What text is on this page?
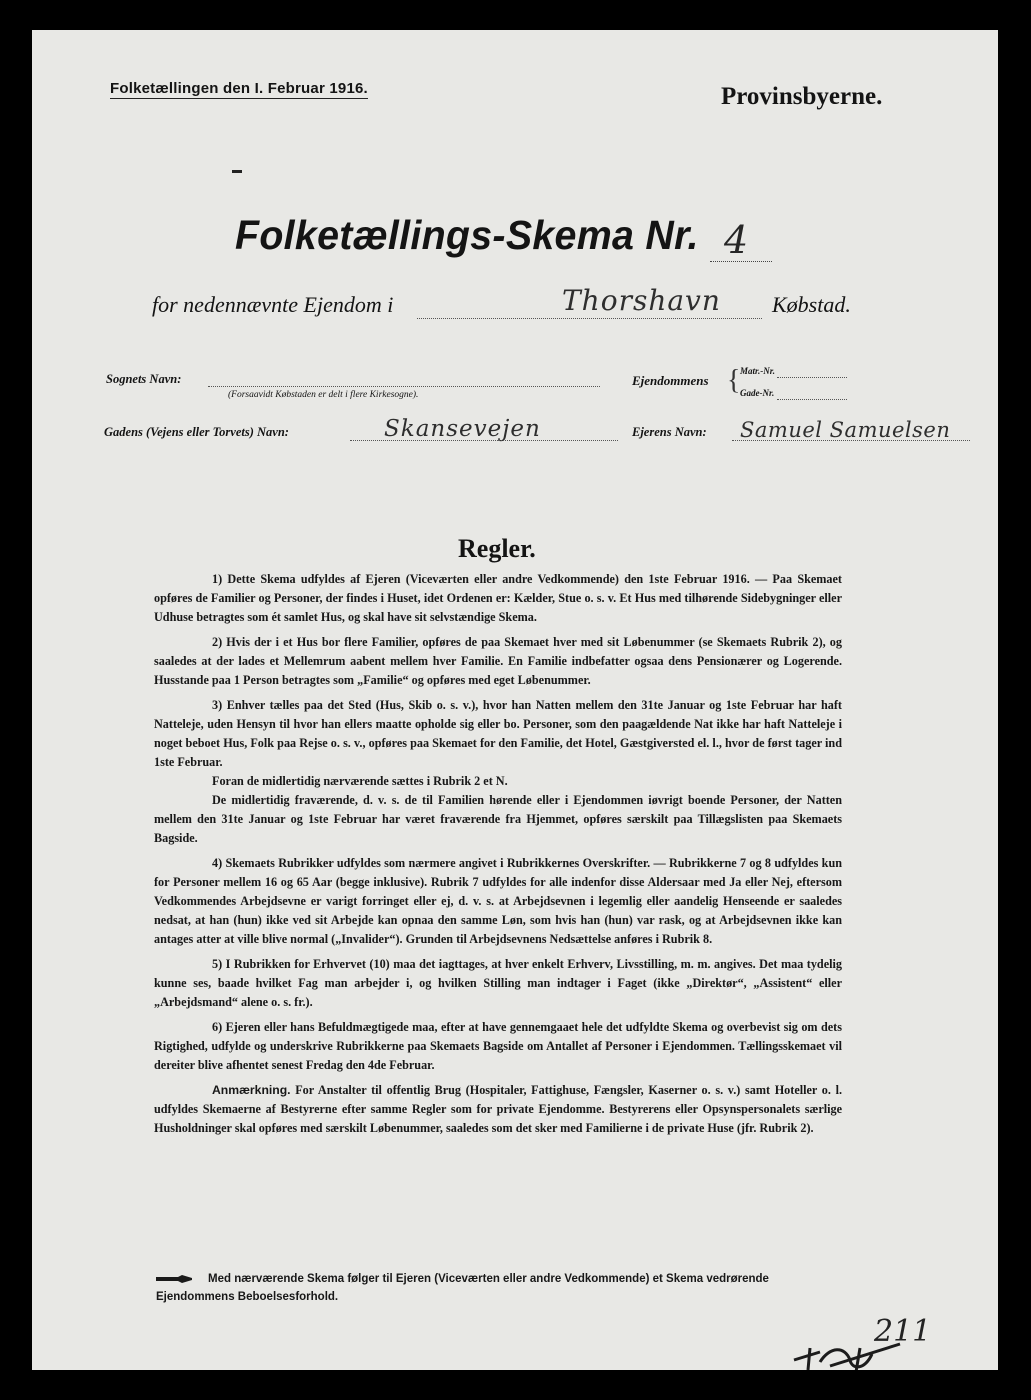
Folketællingen den I. Februar 1916.	Provinsbyerne.
Folketællings-Skema Nr. 4
for nedennævnte Ejendom i	Thorshavn Købstad.
Sognets Navn:
(Forsaavidt Købstaden er delt i flere Kirkesogne).
Ejendommens { Matr.-Nr.
Gade-Nr.
Gadens (Vejens eller Torvets) Navn:	Skansevejen	Ejerens Navn: Samuel Samuelsen
Regler.

1) Dette Skema udfyldes af Ejeren (Viceværten eller andre Vedkommende) den 1ste Februar 1916. — Paa Skemaet opføres de Familier og Personer, der findes i Huset, idet Ordenen er: Kælder, Stue o. s. v. Et Hus med tilhørende Sidebygninger eller Udhuse betragtes som ét samlet Hus, og skal have sit selvstændige Skema.

2) Hvis der i et Hus bor flere Familier, opføres de paa Skemaet hver med sit Løbenummer (se Skemaets Rubrik 2), og saaledes at der lades et Mellemrum aabent mellem hver Familie. En Familie indbefatter ogsaa dens Pensionærer og Logerende. Husstande paa 1 Person betragtes som „Familie“ og opføres med eget Løbenummer.

3) Enhver tælles paa det Sted (Hus, Skib o. s. v.), hvor han Natten mellem den 31te Januar og 1ste Februar har haft Natteleje, uden Hensyn til hvor han ellers maatte opholde sig eller bo. Personer, som den paagældende Nat ikke har haft Natteleje i noget beboet Hus, Folk paa Rejse o. s. v., opføres paa Skemaet for den Familie, det Hotel, Gæstgiversted el. l., hvor de først tager ind 1ste Februar.

Foran de midlertidig nærværende sættes i Rubrik 2 et N.

De midlertidig fraværende, d. v. s. de til Familien hørende eller i Ejendommen iøvrigt boende Personer, der Natten mellem den 31te Januar og 1ste Februar har været fraværende fra Hjemmet, opføres særskilt paa Tillægslisten paa Skemaets Bagside.

4) Skemaets Rubrikker udfyldes som nærmere angivet i Rubrikkernes Overskrifter. — Rubrikkerne 7 og 8 udfyldes kun for Personer mellem 16 og 65 Aar (begge inklusive). Rubrik 7 udfyldes for alle indenfor disse Aldersaar med Ja eller Nej, eftersom Vedkommendes Arbejdsevne er varigt forringet eller ej, d. v. s. at Arbejdsevnen i legemlig eller aandelig Henseende er saaledes nedsat, at han (hun) ikke ved sit Arbejde kan opnaa den samme Løn, som hvis han (hun) var rask, og at Arbejdsevnen ikke kan antages atter at ville blive normal („Invalider“). Grunden til Arbejdsevnens Nedsættelse anføres i Rubrik 8.

5) I Rubrikken for Erhvervet (10) maa det iagttages, at hver enkelt Erhverv, Livsstilling, m. m. angives. Det maa tydelig kunne ses, baade hvilket Fag man arbejder i, og hvilken Stilling man indtager i Faget (ikke „Direktør“, „Assistent“ eller „Arbejdsmand“ alene o. s. fr.).

6) Ejeren eller hans Befuldmægtigede maa, efter at have gennemgaaet hele det udfyldte Skema og overbevist sig om dets Rigtighed, udfylde og underskrive Rubrikkerne paa Skemaets Bagside om Antallet af Personer i Ejendommen. Tællingsskemaet vil dereiter blive afhentet senest Fredag den 4de Februar.

Anmærkning. For Anstalter til offentlig Brug (Hospitaler, Fattighuse, Fængsler, Kaserner o. s. v.) samt Hoteller o. l. udfyldes Skemaerne af Bestyrerne efter samme Regler som for private Ejendomme. Bestyrerens eller Opsynspersonalets særlige Husholdninger skal opføres med særskilt Løbenummer, saaledes som det sker med Familierne i de private Huse (jfr. Rubrik 2).

Med nærværende Skema følger til Ejeren (Viceværten eller andre Vedkommende) et Skema vedrørende Ejendommens Beboelsesforhold.
211
